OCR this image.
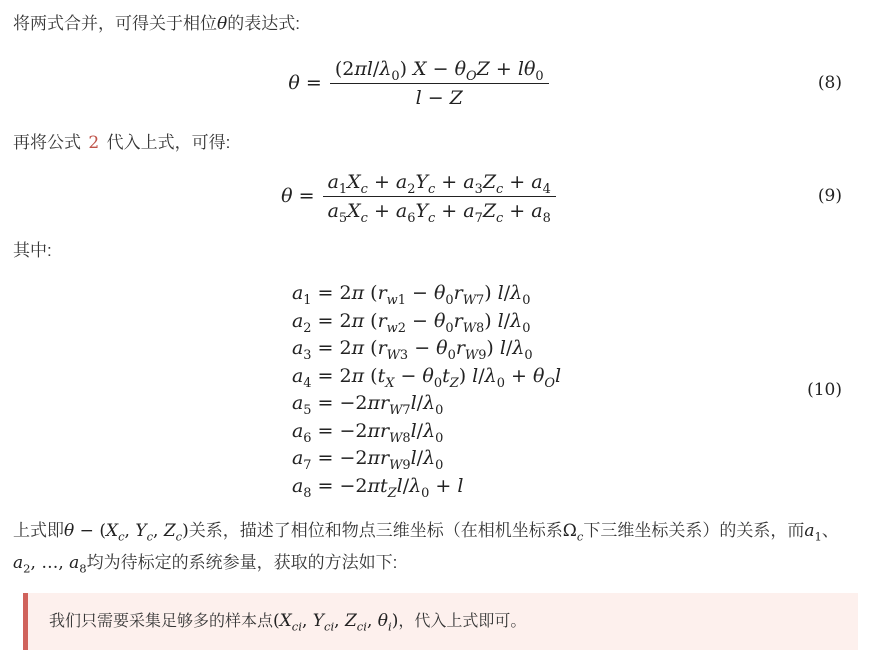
将两式合并，可得关于相位θ的表达式:

$\theta = \frac{(2\pi l/\lambda_0) X - \theta_OZ + l\theta_0}{l - Z}$	(8)

再将公式 2 代入上式，可得:

$\theta = \frac{a_1X_c + a_2Y_c + a_3Z_c + a_4}{a_5X_c + a_6Y_c + a_7Z_c + a_8}$	(9)

其中:

$a_1 = 2\pi$ $(r_{w1} - \theta_0r_{W7})$ $l/\lambda_0$
$a_2 = 2\pi$ $(r_{w2} - \theta_0r_{W8})$ $l/\lambda_0$
$a_3 = 2\pi$ $(r_{W3} - \theta_0r_{W9})$ $l/\lambda_0$
$a_4 = 2\pi$ $(t_X - \theta_0t_Z) l/\lambda_0 + \theta_Ol$
$a_5 = -2\pi r_{W7}l/\lambda_0$
$a_6 = -2\pi r_{W8}l/\lambda_0$
$a_7 = -2\pi r_{W9}l/\lambda_0$
$a_8 = -2\pi t_Zl/\lambda_0 + l$
(10)

上式即$\theta - (X_c$, $Y_c$, $Z_c$)关系，描述了相位和物点三维坐标（在相机坐标系$\Omega_c$下三维坐标关系）的关系，而$a_1$、$a_2$, …, $a_8$均为待标定的系统参量，获取的方法如下:

我们只需要采集足够多的样本点($X_{ci}$, $Y_{ci}$, $Z_{ci}$, $\theta_i$)，代入上式即可。
